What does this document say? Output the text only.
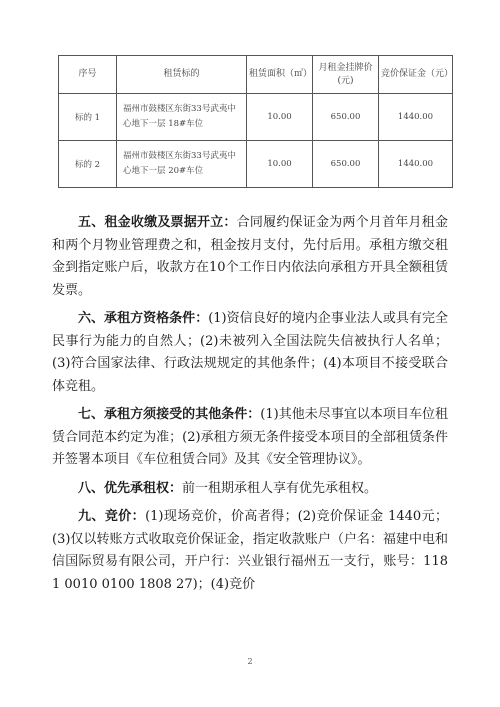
序号	租赁标的	租赁面积（㎡）	月租金挂牌价(元)	竞价保证金（元）
标的 1	福州市鼓楼区东街33号武夷中心地下一层 18#车位	10.00	650.00	1440.00
标的 2	福州市鼓楼区东街33号武夷中心地下一层 20#车位	10.00	650.00	1440.00

五、租金收缴及票据开立：合同履约保证金为两个月首年月租金和两个月物业管理费之和，租金按月支付，先付后用。承租方缴交租金到指定账户后，收款方在10个工作日内依法向承租方开具全额租赁发票。

六、承租方资格条件：(1)资信良好的境内企事业法人或具有完全民事行为能力的自然人；(2)未被列入全国法院失信被执行人名单；(3)符合国家法律、行政法规规定的其他条件；(4)本项目不接受联合体竞租。

七、承租方须接受的其他条件：(1)其他未尽事宜以本项目车位租赁合同范本约定为准；(2)承租方须无条件接受本项目的全部租赁条件并签署本项目《车位租赁合同》及其《安全管理协议》。

八、优先承租权：前一租期承租人享有优先承租权。

九、竞价：(1)现场竞价，价高者得；(2)竞价保证金 1440元；(3)仅以转账方式收取竞价保证金，指定收款账户（户名：福建中电和信国际贸易有限公司，开户行：兴业银行福州五一支行，账号：1181 0010 0100 1808 27)；(4)竞价

2
